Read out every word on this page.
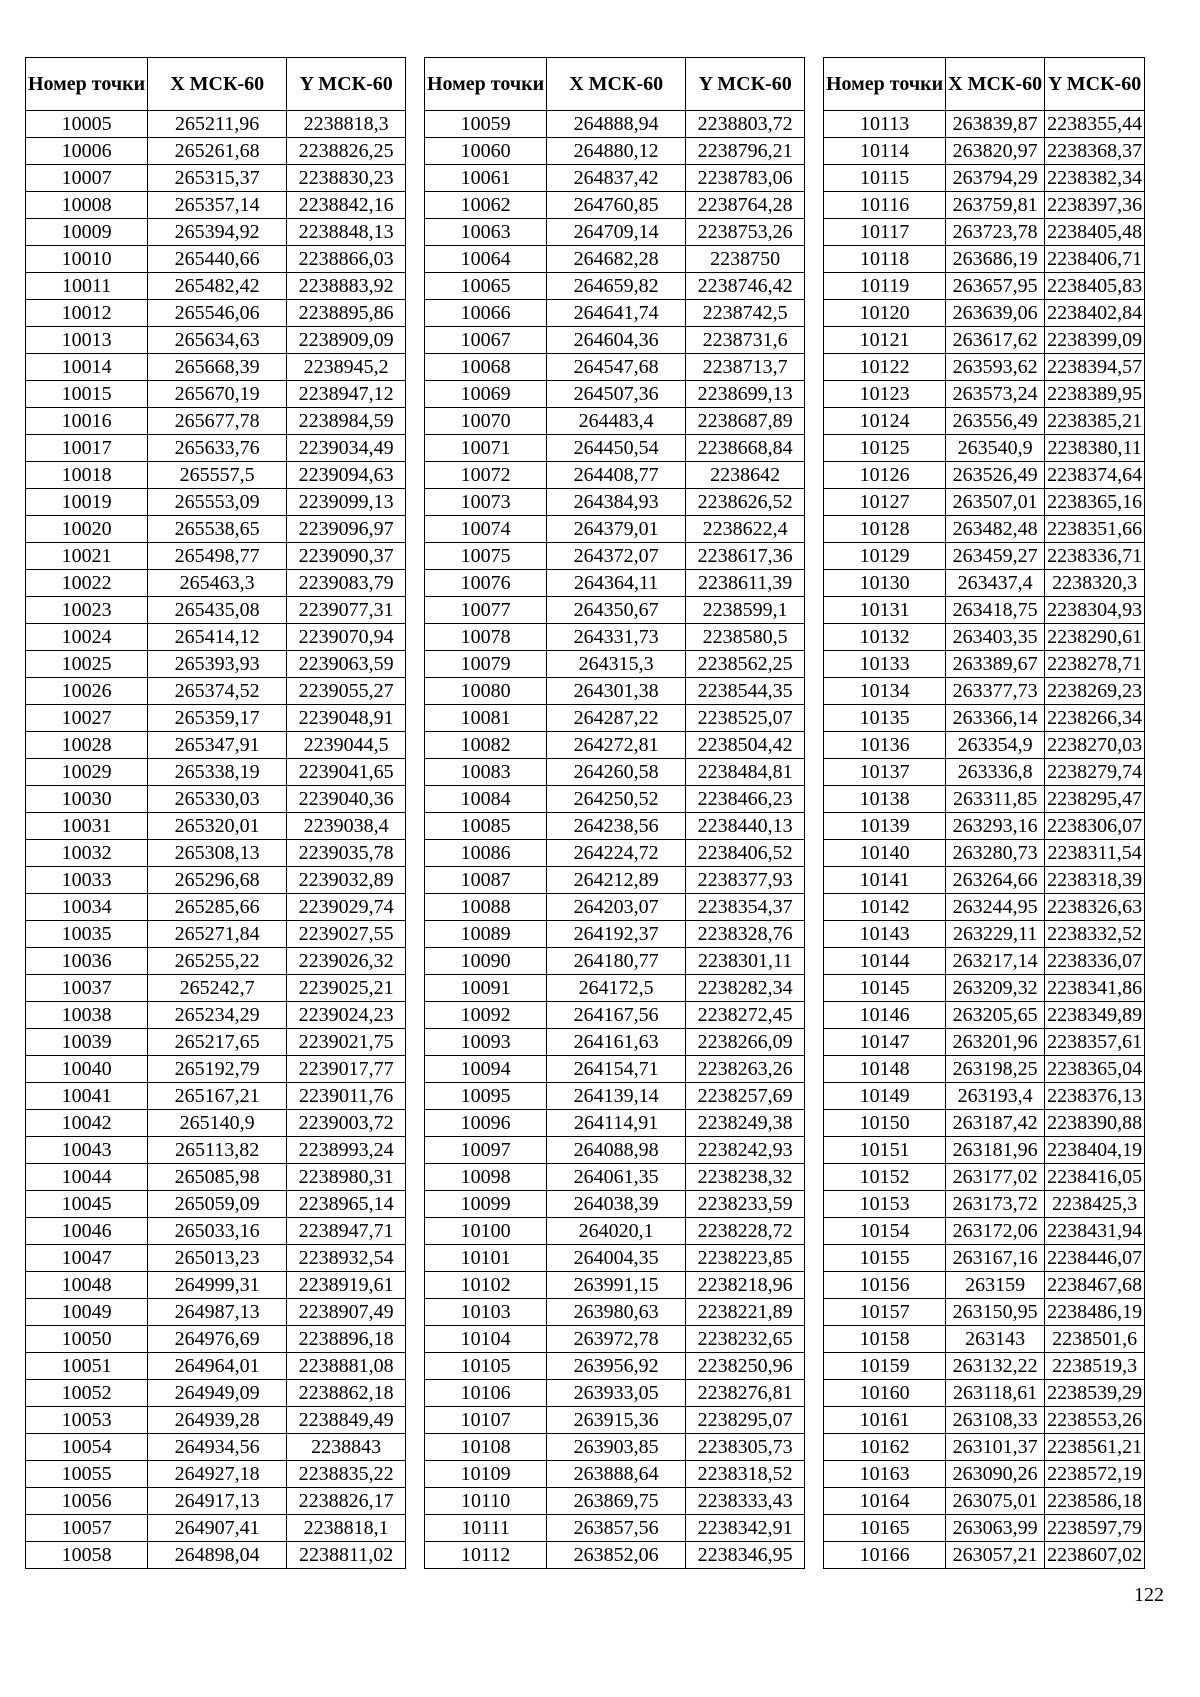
Номер точки	X МСК-60	Y МСК-60
10005	265211,96	2238818,3
10006	265261,68	2238826,25
10007	265315,37	2238830,23
10008	265357,14	2238842,16
10009	265394,92	2238848,13
10010	265440,66	2238866,03
10011	265482,42	2238883,92
10012	265546,06	2238895,86
10013	265634,63	2238909,09
10014	265668,39	2238945,2
10015	265670,19	2238947,12
10016	265677,78	2238984,59
10017	265633,76	2239034,49
10018	265557,5	2239094,63
10019	265553,09	2239099,13
10020	265538,65	2239096,97
10021	265498,77	2239090,37
10022	265463,3	2239083,79
10023	265435,08	2239077,31
10024	265414,12	2239070,94
10025	265393,93	2239063,59
10026	265374,52	2239055,27
10027	265359,17	2239048,91
10028	265347,91	2239044,5
10029	265338,19	2239041,65
10030	265330,03	2239040,36
10031	265320,01	2239038,4
10032	265308,13	2239035,78
10033	265296,68	2239032,89
10034	265285,66	2239029,74
10035	265271,84	2239027,55
10036	265255,22	2239026,32
10037	265242,7	2239025,21
10038	265234,29	2239024,23
10039	265217,65	2239021,75
10040	265192,79	2239017,77
10041	265167,21	2239011,76
10042	265140,9	2239003,72
10043	265113,82	2238993,24
10044	265085,98	2238980,31
10045	265059,09	2238965,14
10046	265033,16	2238947,71
10047	265013,23	2238932,54
10048	264999,31	2238919,61
10049	264987,13	2238907,49
10050	264976,69	2238896,18
10051	264964,01	2238881,08
10052	264949,09	2238862,18
10053	264939,28	2238849,49
10054	264934,56	2238843
10055	264927,18	2238835,22
10056	264917,13	2238826,17
10057	264907,41	2238818,1
10058	264898,04	2238811,02
Номер точки	X МСК-60	Y МСК-60
10059	264888,94	2238803,72
10060	264880,12	2238796,21
10061	264837,42	2238783,06
10062	264760,85	2238764,28
10063	264709,14	2238753,26
10064	264682,28	2238750
10065	264659,82	2238746,42
10066	264641,74	2238742,5
10067	264604,36	2238731,6
10068	264547,68	2238713,7
10069	264507,36	2238699,13
10070	264483,4	2238687,89
10071	264450,54	2238668,84
10072	264408,77	2238642
10073	264384,93	2238626,52
10074	264379,01	2238622,4
10075	264372,07	2238617,36
10076	264364,11	2238611,39
10077	264350,67	2238599,1
10078	264331,73	2238580,5
10079	264315,3	2238562,25
10080	264301,38	2238544,35
10081	264287,22	2238525,07
10082	264272,81	2238504,42
10083	264260,58	2238484,81
10084	264250,52	2238466,23
10085	264238,56	2238440,13
10086	264224,72	2238406,52
10087	264212,89	2238377,93
10088	264203,07	2238354,37
10089	264192,37	2238328,76
10090	264180,77	2238301,11
10091	264172,5	2238282,34
10092	264167,56	2238272,45
10093	264161,63	2238266,09
10094	264154,71	2238263,26
10095	264139,14	2238257,69
10096	264114,91	2238249,38
10097	264088,98	2238242,93
10098	264061,35	2238238,32
10099	264038,39	2238233,59
10100	264020,1	2238228,72
10101	264004,35	2238223,85
10102	263991,15	2238218,96
10103	263980,63	2238221,89
10104	263972,78	2238232,65
10105	263956,92	2238250,96
10106	263933,05	2238276,81
10107	263915,36	2238295,07
10108	263903,85	2238305,73
10109	263888,64	2238318,52
10110	263869,75	2238333,43
10111	263857,56	2238342,91
10112	263852,06	2238346,95
Номер точки	X МСК-60	Y МСК-60
10113	263839,87	2238355,44
10114	263820,97	2238368,37
10115	263794,29	2238382,34
10116	263759,81	2238397,36
10117	263723,78	2238405,48
10118	263686,19	2238406,71
10119	263657,95	2238405,83
10120	263639,06	2238402,84
10121	263617,62	2238399,09
10122	263593,62	2238394,57
10123	263573,24	2238389,95
10124	263556,49	2238385,21
10125	263540,9	2238380,11
10126	263526,49	2238374,64
10127	263507,01	2238365,16
10128	263482,48	2238351,66
10129	263459,27	2238336,71
10130	263437,4	2238320,3
10131	263418,75	2238304,93
10132	263403,35	2238290,61
10133	263389,67	2238278,71
10134	263377,73	2238269,23
10135	263366,14	2238266,34
10136	263354,9	2238270,03
10137	263336,8	2238279,74
10138	263311,85	2238295,47
10139	263293,16	2238306,07
10140	263280,73	2238311,54
10141	263264,66	2238318,39
10142	263244,95	2238326,63
10143	263229,11	2238332,52
10144	263217,14	2238336,07
10145	263209,32	2238341,86
10146	263205,65	2238349,89
10147	263201,96	2238357,61
10148	263198,25	2238365,04
10149	263193,4	2238376,13
10150	263187,42	2238390,88
10151	263181,96	2238404,19
10152	263177,02	2238416,05
10153	263173,72	2238425,3
10154	263172,06	2238431,94
10155	263167,16	2238446,07
10156	263159	2238467,68
10157	263150,95	2238486,19
10158	263143	2238501,6
10159	263132,22	2238519,3
10160	263118,61	2238539,29
10161	263108,33	2238553,26
10162	263101,37	2238561,21
10163	263090,26	2238572,19
10164	263075,01	2238586,18
10165	263063,99	2238597,79
10166	263057,21	2238607,02
122
